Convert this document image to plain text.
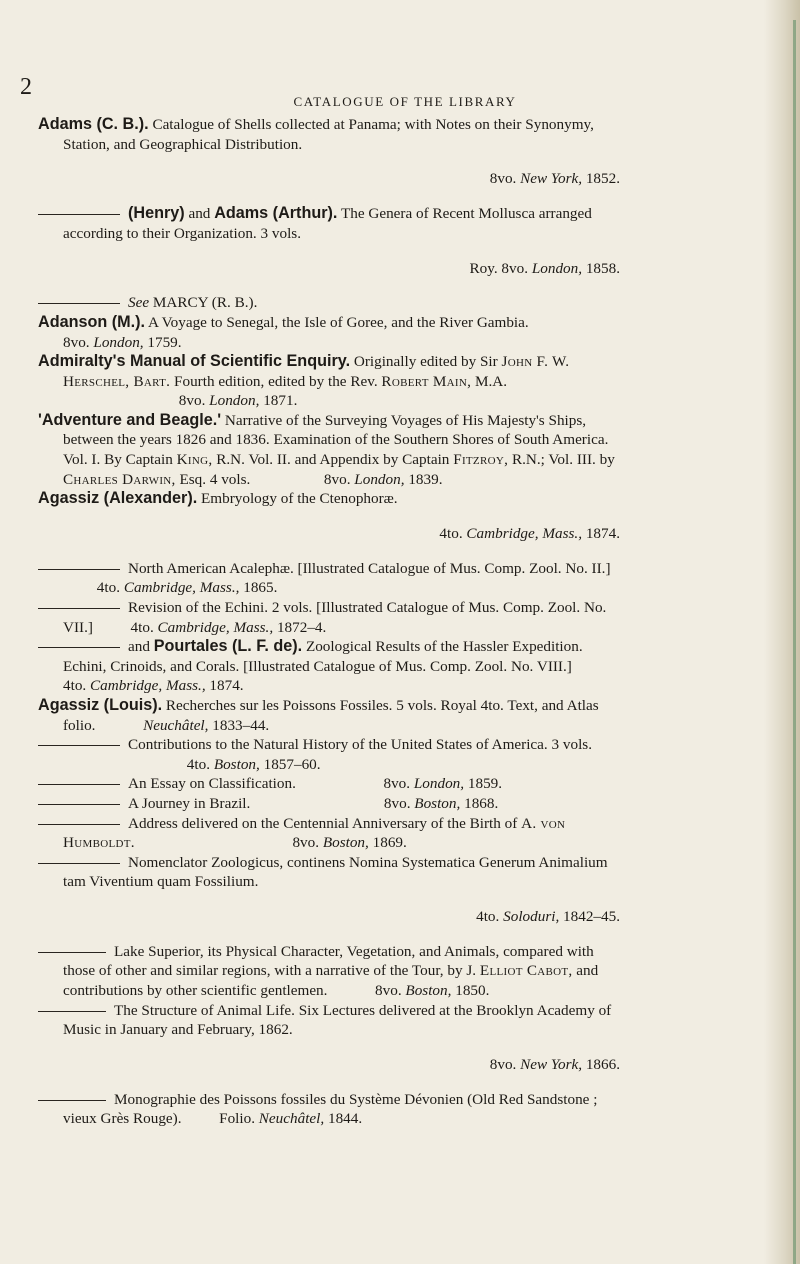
2
CATALOGUE OF THE LIBRARY

Adams (C. B.). Catalogue of Shells collected at Panama; with Notes on their Synonymy, Station, and Geographical Distribution.

8vo. New York, 1852.

(Henry) and Adams (Arthur). The Genera of Recent Mollusca arranged according to their Organization. 3 vols.

Roy. 8vo. London, 1858.

See MARCY (R. B.).

Adanson (M.). A Voyage to Senegal, the Isle of Goree, and the River Gambia.  8vo. London, 1759.

Admiralty's Manual of Scientific Enquiry. Originally edited by Sir John F. W. Herschel, Bart. Fourth edition, edited by the Rev. Robert Main, M.A.  8vo. London, 1871.

'Adventure and Beagle.' Narrative of the Surveying Voyages of His Majesty's Ships, between the years 1826 and 1836. Examination of the Southern Shores of South America. Vol. I. By Captain King, R.N. Vol. II. and Appendix by Captain Fitzroy, R.N.; Vol. III. by Charles Darwin, Esq. 4 vols.	8vo. London, 1839.

Agassiz (Alexander). Embryology of the Ctenophoræ.

4to. Cambridge, Mass., 1874.

North American Acalephæ. [Illustrated Catalogue of Mus. Comp. Zool. No. II.]  4to. Cambridge, Mass., 1865.

Revision of the Echini. 2 vols. [Illustrated Catalogue of Mus. Comp. Zool. No. VII.] 4to. Cambridge, Mass., 1872–4.

and Pourtales (L. F. de). Zoological Results of the Hassler Expedition. Echini, Crinoids, and Corals. [Illustrated Catalogue of Mus. Comp. Zool. No. VIII.]  4to. Cambridge, Mass., 1874.

Agassiz (Louis). Recherches sur les Poissons Fossiles. 5 vols. Royal 4to. Text, and Atlas folio.	Neuchâtel, 1833–44.

Contributions to the Natural History of the United States of America. 3 vols.  4to. Boston, 1857–60.

An Essay on Classification.	8vo. London, 1859.

A Journey in Brazil.	8vo. Boston, 1868.

Address delivered on the Centennial Anniversary of the Birth of A. von Humboldt.	8vo. Boston, 1869.

Nomenclator Zoologicus, continens Nomina Systematica Generum Animalium tam Viventium quam Fossilium.

4to. Soloduri, 1842–45.

Lake Superior, its Physical Character, Vegetation, and Animals, compared with those of other and similar regions, with a narrative of the Tour, by J. Elliot Cabot, and contributions by other scientific gentlemen.	8vo. Boston, 1850.

The Structure of Animal Life. Six Lectures delivered at the Brooklyn Academy of Music in January and February, 1862.

8vo. New York, 1866.

Monographie des Poissons fossiles du Système Dévonien (Old Red Sandstone ; vieux Grès Rouge). Folio. Neuchâtel, 1844.
